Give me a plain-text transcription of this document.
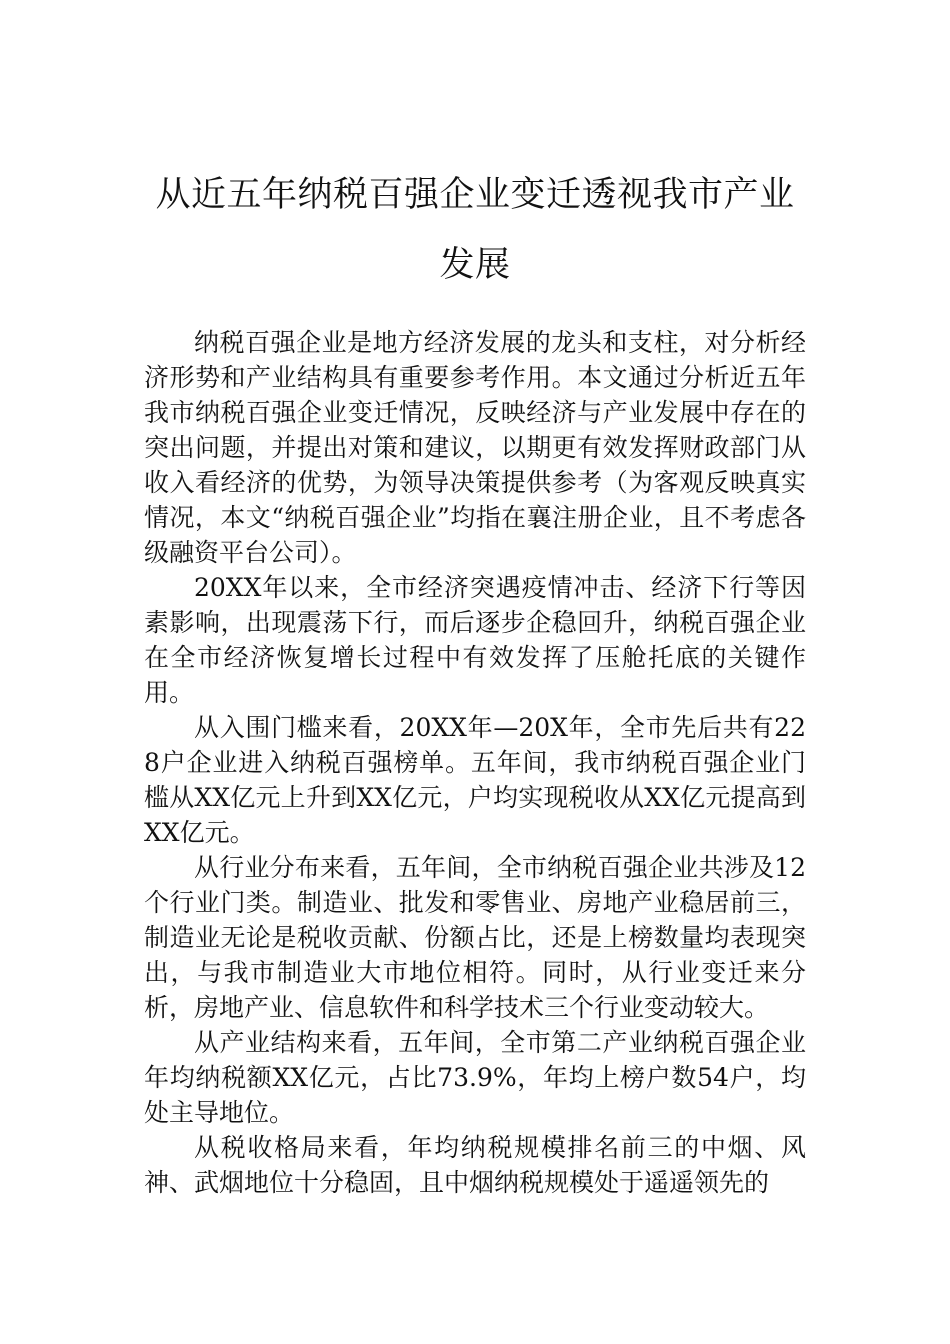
从近五年纳税百强企业变迁透视我市产业发展

纳税百强企业是地方经济发展的龙头和支柱，对分析经济形势和产业结构具有重要参考作用。本文通过分析近五年我市纳税百强企业变迁情况，反映经济与产业发展中存在的突出问题，并提出对策和建议，以期更有效发挥财政部门从收入看经济的优势，为领导决策提供参考（为客观反映真实情况，本文“纳税百强企业”均指在襄注册企业，且不考虑各级融资平台公司）。

20XX年以来，全市经济突遇疫情冲击、经济下行等因素影响，出现震荡下行，而后逐步企稳回升，纳税百强企业在全市经济恢复增长过程中有效发挥了压舱托底的关键作用。

从入围门槛来看，20XX年—20X年，全市先后共有228户企业进入纳税百强榜单。五年间，我市纳税百强企业门槛从XX亿元上升到XX亿元，户均实现税收从XX亿元提高到XX亿元。

从行业分布来看，五年间，全市纳税百强企业共涉及12个行业门类。制造业、批发和零售业、房地产业稳居前三，制造业无论是税收贡献、份额占比，还是上榜数量均表现突出，与我市制造业大市地位相符。同时，从行业变迁来分析，房地产业、信息软件和科学技术三个行业变动较大。

从产业结构来看，五年间，全市第二产业纳税百强企业年均纳税额XX亿元，占比73.9%，年均上榜户数54户，均处主导地位。

从税收格局来看，年均纳税规模排名前三的中烟、风神、武烟地位十分稳固，且中烟纳税规模处于遥遥领先的
